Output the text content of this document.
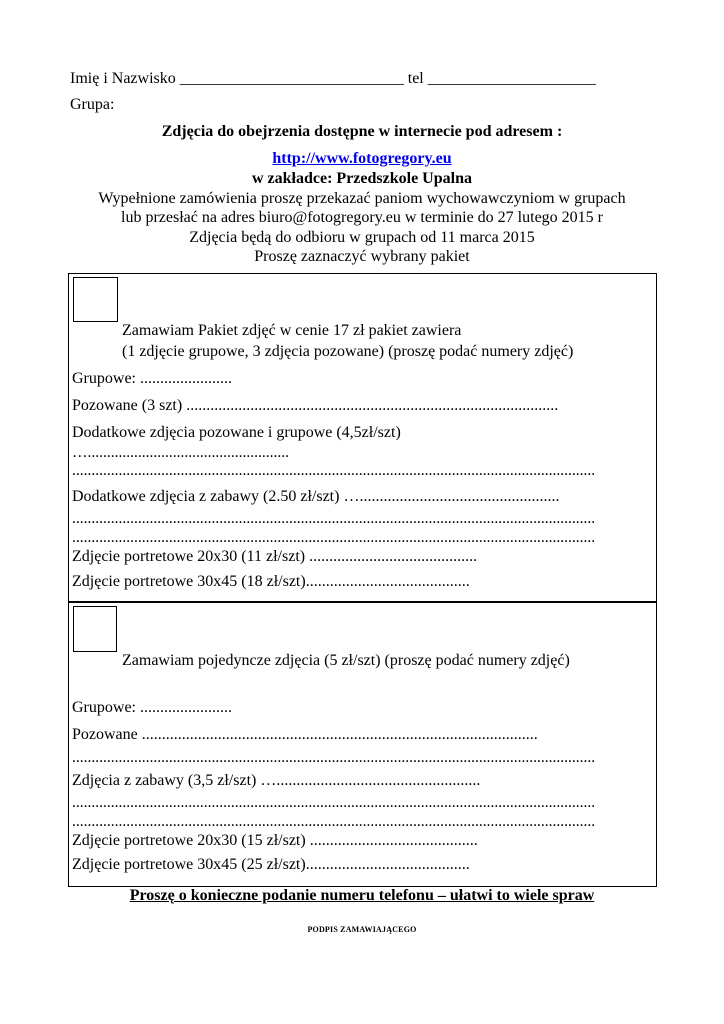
Imię i Nazwisko ____________________________ tel _____________________
Grupa:
Zdjęcia do obejrzenia dostępne w internecie pod adresem :
http://www.fotogregory.eu
w zakładce: Przedszkole Upalna
Wypełnione zamówienia proszę przekazać paniom wychowawczyniom w grupach
lub przesłać na adres biuro@fotogregory.eu w terminie do 27 lutego 2015 r
Zdjęcia będą do odbioru w grupach od 11 marca 2015
Proszę zaznaczyć wybrany pakiet
Zamawiam Pakiet zdjęć w cenie 17 zł pakiet zawiera
(1 zdjęcie grupowe, 3 zdjęcia pozowane) (proszę podać numery zdjęć)
Grupowe: .......................
Pozowane (3 szt) .............................................................................................
Dodatkowe zdjęcia pozowane i grupowe (4,5zł/szt)
…....................................................
.......................................................................................................................................
Dodatkowe zdjęcia z zabawy (2.50 zł/szt) …..................................................
.......................................................................................................................................
.......................................................................................................................................
Zdjęcie portretowe 20x30 (11 zł/szt) ..........................................
Zdjęcie portretowe 30x45 (18 zł/szt).........................................
Zamawiam pojedyncze zdjęcia (5 zł/szt) (proszę podać numery zdjęć)
Grupowe: .......................
Pozowane ...................................................................................................
.......................................................................................................................................
Zdjęcia z zabawy (3,5 zł/szt) …...................................................
.......................................................................................................................................
.......................................................................................................................................
Zdjęcie portretowe 20x30 (15 zł/szt) ..........................................
Zdjęcie portretowe 30x45 (25 zł/szt).........................................
Proszę o konieczne podanie numeru telefonu – ułatwi to wiele spraw
PODPIS ZAMAWIAJĄCEGO
